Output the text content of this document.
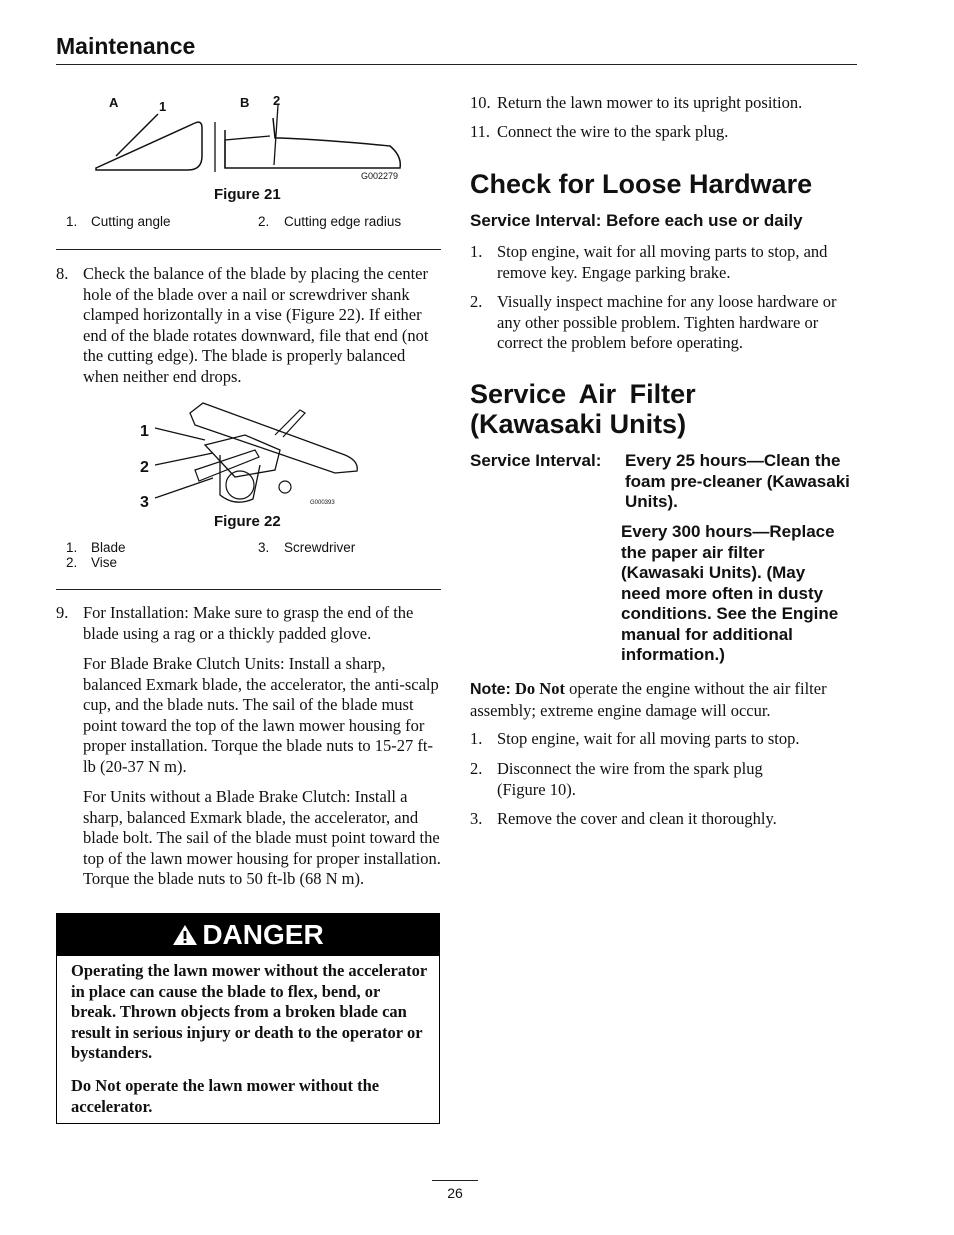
Maintenance
A	1	B 2
G002279
Figure 21
1. Cutting angle	2. Cutting edge radius
8. Check the balance of the blade by placing the center hole of the blade over a nail or screwdriver shank clamped horizontally in a vise (Figure 22). If either end of the blade rotates downward, file that end (not the cutting edge). The blade is properly balanced when neither end drops.
1
2
3	G000393
Figure 22
1. Blade	3. Screwdriver
2. Vise
9. For Installation: Make sure to grasp the end of the blade using a rag or a thickly padded glove.
For Blade Brake Clutch Units: Install a sharp, balanced Exmark blade, the accelerator, the anti-scalp cup, and the blade nuts. The sail of the blade must point toward the top of the lawn mower housing for proper installation. Torque the blade nuts to 15-27 ft-lb (20-37 N m).
For Units without a Blade Brake Clutch: Install a sharp, balanced Exmark blade, the accelerator, and blade bolt. The sail of the blade must point toward the top of the lawn mower housing for proper installation. Torque the blade nuts to 50 ft-lb (68 N m).
DANGER
Operating the lawn mower without the accelerator in place can cause the blade to flex, bend, or break. Thrown objects from a broken blade can result in serious injury or death to the operator or bystanders.
Do Not operate the lawn mower without the accelerator.
10. Return the lawn mower to its upright position.
11. Connect the wire to the spark plug.
Check for Loose Hardware
Service Interval: Before each use or daily
1. Stop engine, wait for all moving parts to stop, and remove key. Engage parking brake.
2. Visually inspect machine for any loose hardware or any other possible problem. Tighten hardware or correct the problem before operating.
Service Air Filter
(Kawasaki Units)
Service Interval: Every 25 hours—Clean the foam pre-cleaner (Kawasaki Units).
Every 300 hours—Replace the paper air filter (Kawasaki Units). (May need more often in dusty conditions. See the Engine manual for additional information.)
Note: Do Not operate the engine without the air filter assembly; extreme engine damage will occur.
1. Stop engine, wait for all moving parts to stop.
2. Disconnect the wire from the spark plug (Figure 10).
3. Remove the cover and clean it thoroughly.
26
